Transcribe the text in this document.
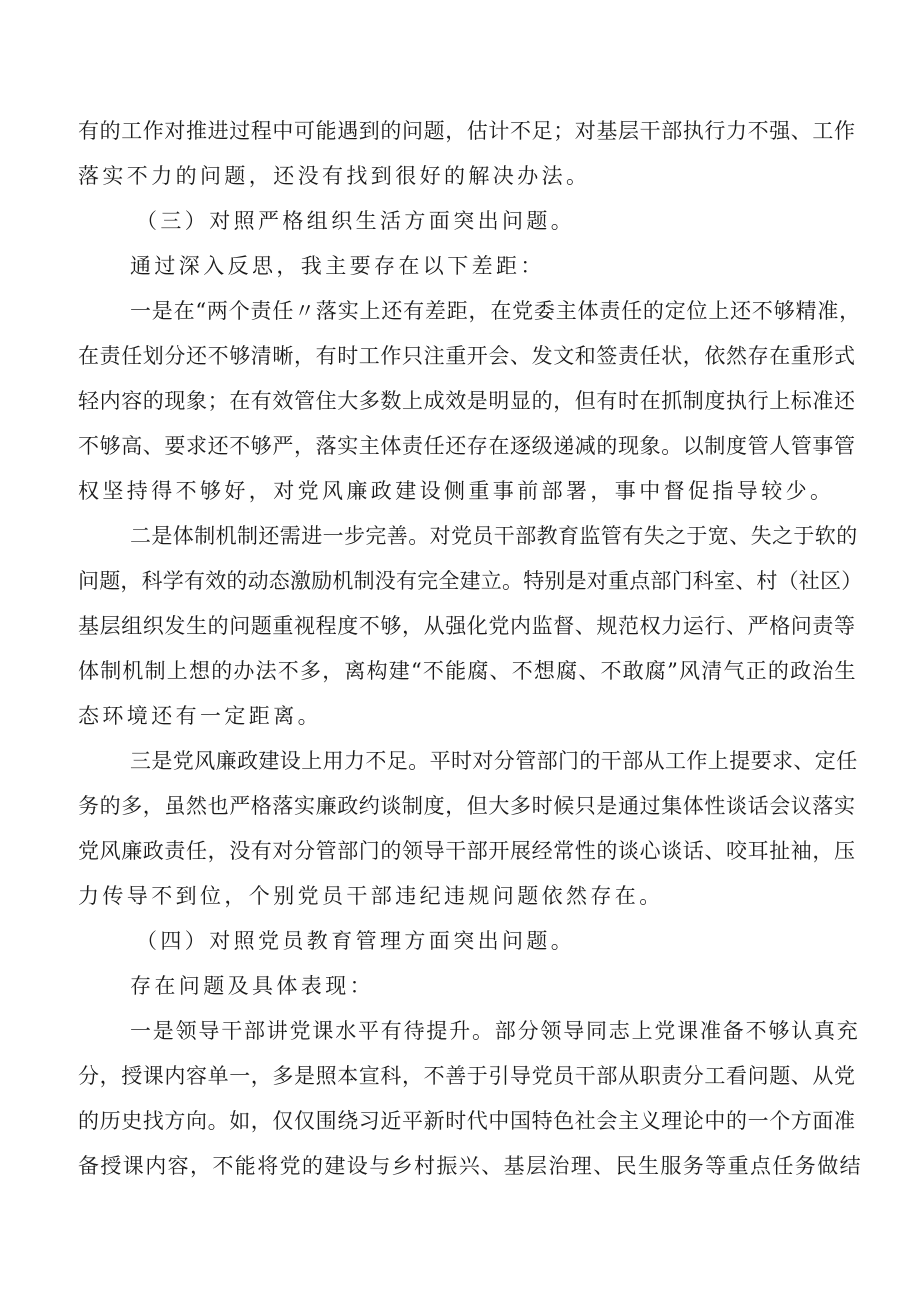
有的工作对推进过程中可能遇到的问题，估计不足；对基层干部执行力不强、工作
落实不力的问题，还没有找到很好的解决办法。
（三）对照严格组织生活方面突出问题。
通过深入反思，我主要存在以下差距：
一是在“两个责任〃落实上还有差距，在党委主体责任的定位上还不够精准，
在责任划分还不够清晰，有时工作只注重开会、发文和签责任状，依然存在重形式
轻内容的现象；在有效管住大多数上成效是明显的，但有时在抓制度执行上标准还
不够高、要求还不够严，落实主体责任还存在逐级递减的现象。以制度管人管事管
权坚持得不够好，对党风廉政建设侧重事前部署，事中督促指导较少。
二是体制机制还需进一步完善。对党员干部教育监管有失之于宽、失之于软的
问题，科学有效的动态激励机制没有完全建立。特别是对重点部门科室、村（社区）
基层组织发生的问题重视程度不够，从强化党内监督、规范权力运行、严格问责等
体制机制上想的办法不多，离构建“不能腐、不想腐、不敢腐”风清气正的政治生
态环境还有一定距离。
三是党风廉政建设上用力不足。平时对分管部门的干部从工作上提要求、定任
务的多，虽然也严格落实廉政约谈制度，但大多时候只是通过集体性谈话会议落实
党风廉政责任，没有对分管部门的领导干部开展经常性的谈心谈话、咬耳扯袖，压
力传导不到位，个别党员干部违纪违规问题依然存在。
（四）对照党员教育管理方面突出问题。
存在问题及具体表现：
一是领导干部讲党课水平有待提升。部分领导同志上党课准备不够认真充
分，授课内容单一，多是照本宣科，不善于引导党员干部从职责分工看问题、从党
的历史找方向。如，仅仅围绕习近平新时代中国特色社会主义理论中的一个方面准
备授课内容，不能将党的建设与乡村振兴、基层治理、民生服务等重点任务做结
